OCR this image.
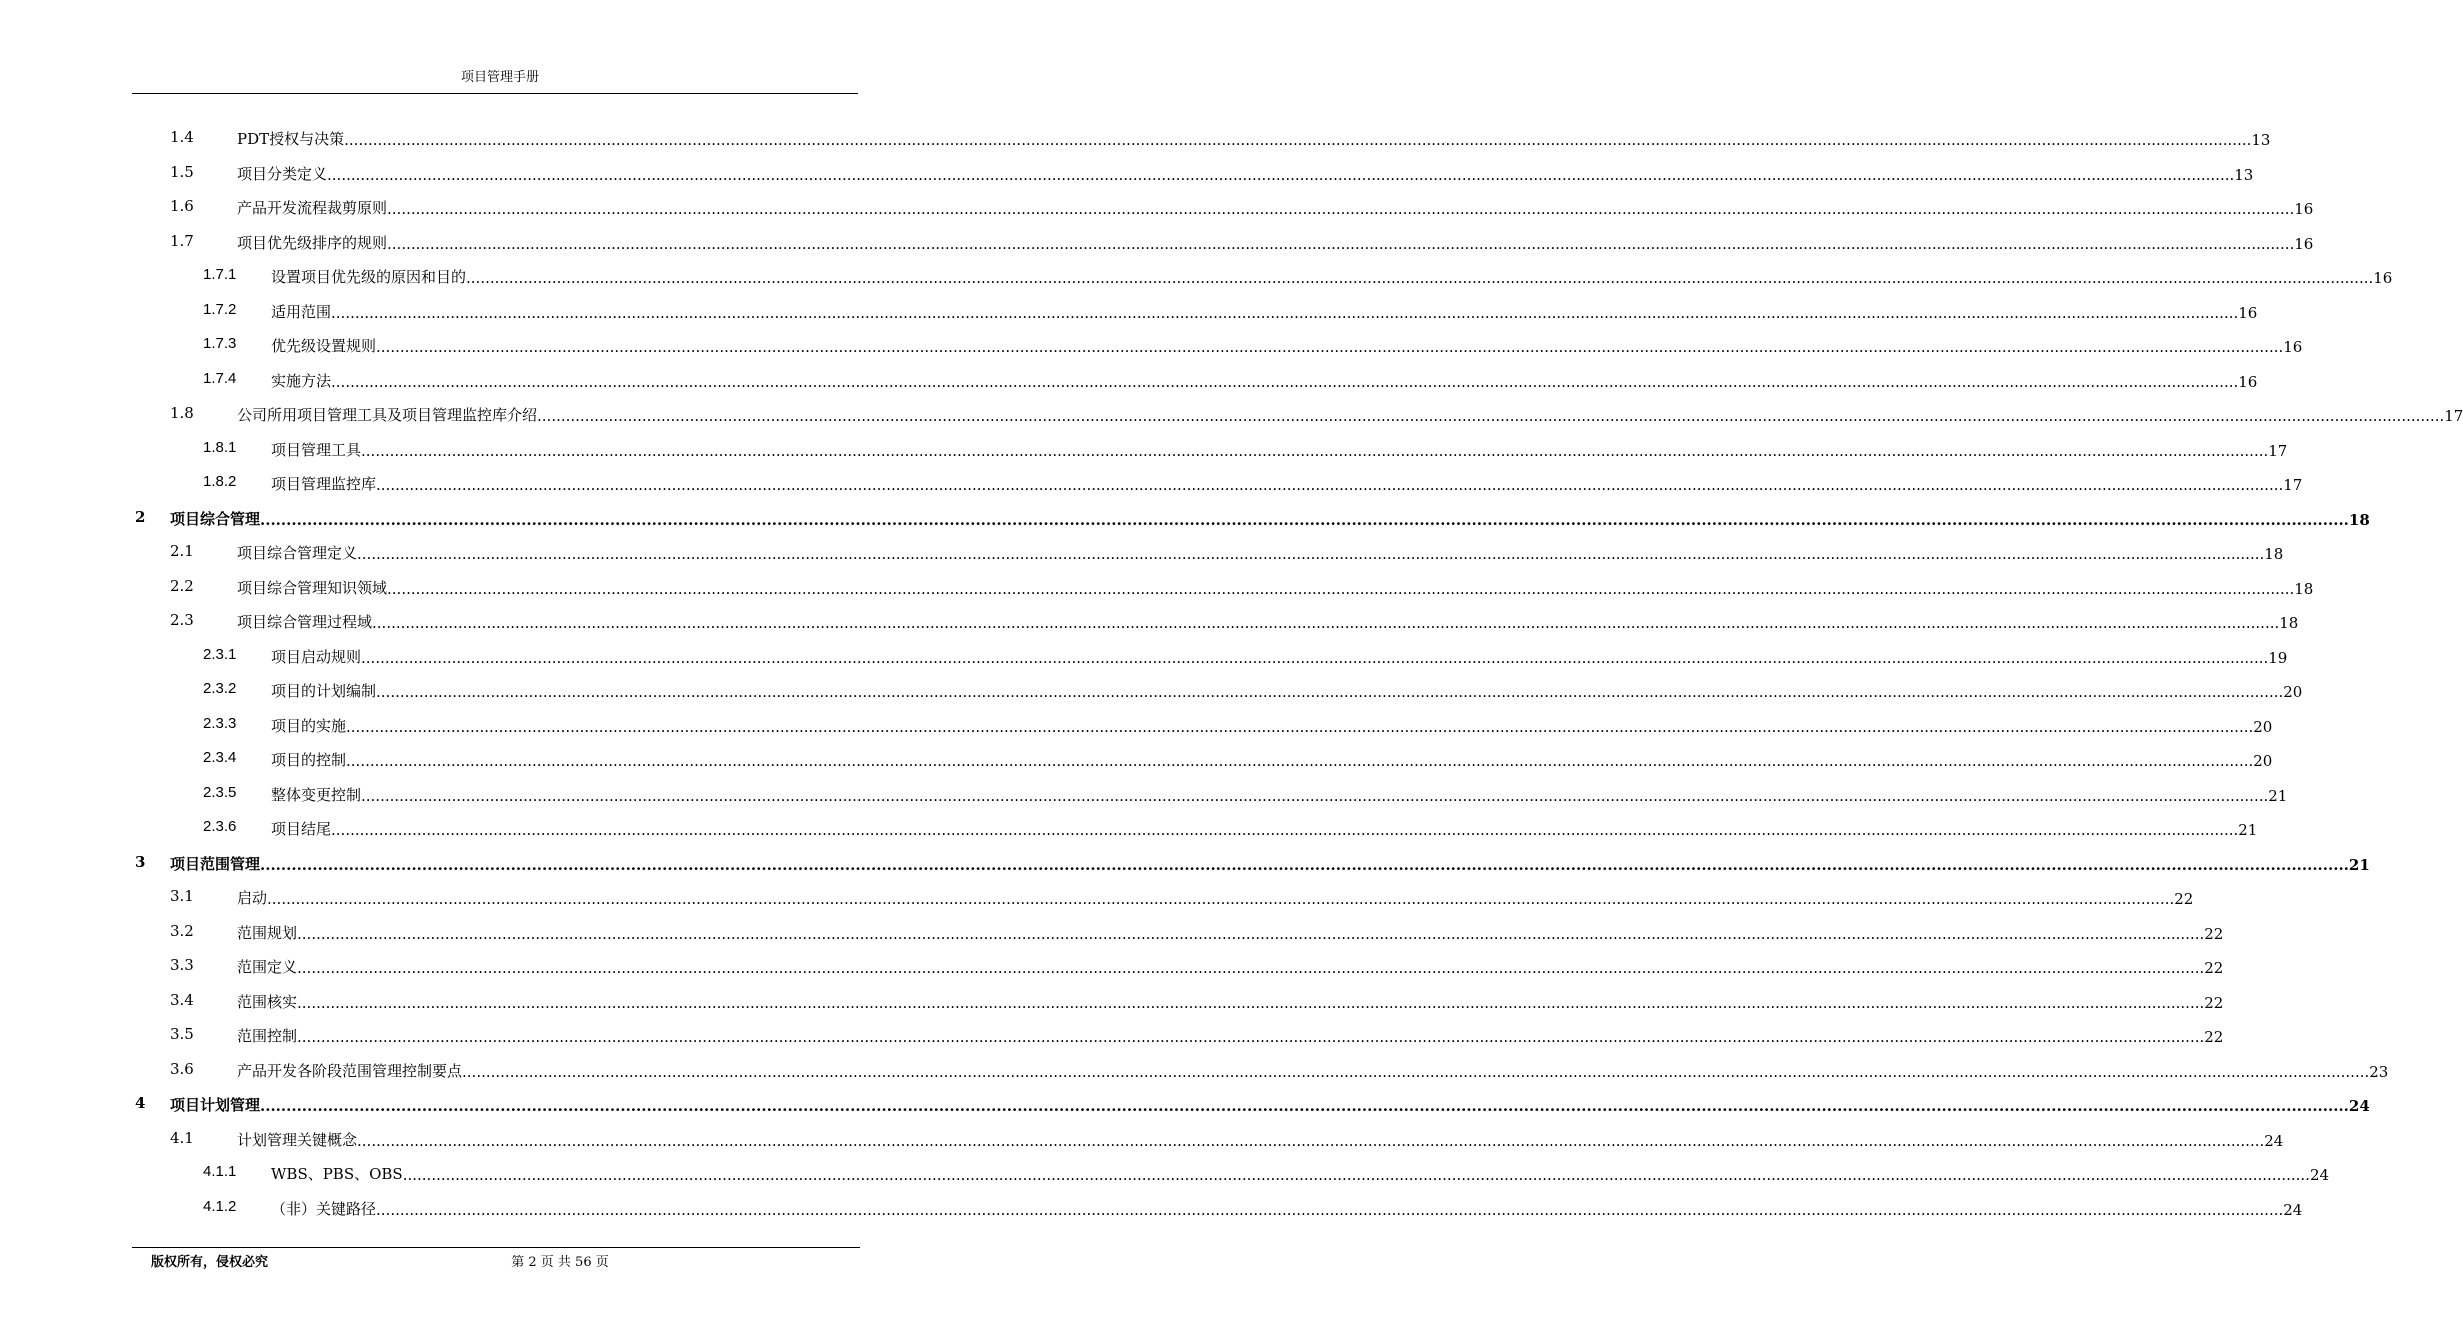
项目管理手册
1.4	PDT授权与决策 ................................................................................................................................................................................................................................................................................................................................................................................................................ 13
1.5	项目分类定义 ................................................................................................................................................................................................................................................................................................................................................................................................................ 13
1.6	产品开发流程裁剪原则 ................................................................................................................................................................................................................................................................................................................................................................................................................ 16
1.7	项目优先级排序的规则 ................................................................................................................................................................................................................................................................................................................................................................................................................ 16
1.7.1 设置项目优先级的原因和目的 ................................................................................................................................................................................................................................................................................................................................................................................................................ 16
1.7.2 适用范围 ................................................................................................................................................................................................................................................................................................................................................................................................................ 16
1.7.3 优先级设置规则 ................................................................................................................................................................................................................................................................................................................................................................................................................ 16
1.7.4 实施方法 ................................................................................................................................................................................................................................................................................................................................................................................................................ 16
1.8	公司所用项目管理工具及项目管理监控库介绍 ................................................................................................................................................................................................................................................................................................................................................................................................................ 17
1.8.1 项目管理工具 ................................................................................................................................................................................................................................................................................................................................................................................................................ 17
1.8.2 项目管理监控库 ................................................................................................................................................................................................................................................................................................................................................................................................................ 17
2 项目综合管理 ................................................................................................................................................................................................................................................................................................................................................................................................................ 18
2.1	项目综合管理定义 ................................................................................................................................................................................................................................................................................................................................................................................................................ 18
2.2	项目综合管理知识领域 ................................................................................................................................................................................................................................................................................................................................................................................................................ 18
2.3	项目综合管理过程域 ................................................................................................................................................................................................................................................................................................................................................................................................................ 18
2.3.1 项目启动规则 ................................................................................................................................................................................................................................................................................................................................................................................................................ 19
2.3.2 项目的计划编制 ................................................................................................................................................................................................................................................................................................................................................................................................................ 20
2.3.3 项目的实施 ................................................................................................................................................................................................................................................................................................................................................................................................................ 20
2.3.4 项目的控制 ................................................................................................................................................................................................................................................................................................................................................................................................................ 20
2.3.5 整体变更控制 ................................................................................................................................................................................................................................................................................................................................................................................................................ 21
2.3.6 项目结尾 ................................................................................................................................................................................................................................................................................................................................................................................................................ 21
3 项目范围管理 ................................................................................................................................................................................................................................................................................................................................................................................................................ 21
3.1	启动 ................................................................................................................................................................................................................................................................................................................................................................................................................ 22
3.2	范围规划 ................................................................................................................................................................................................................................................................................................................................................................................................................ 22
3.3	范围定义 ................................................................................................................................................................................................................................................................................................................................................................................................................ 22
3.4	范围核实 ................................................................................................................................................................................................................................................................................................................................................................................................................ 22
3.5	范围控制 ................................................................................................................................................................................................................................................................................................................................................................................................................ 22
3.6	产品开发各阶段范围管理控制要点 ................................................................................................................................................................................................................................................................................................................................................................................................................ 23
4 项目计划管理 ................................................................................................................................................................................................................................................................................................................................................................................................................ 24
4.1	计划管理关键概念 ................................................................................................................................................................................................................................................................................................................................................................................................................ 24
4.1.1 WBS、PBS、OBS ................................................................................................................................................................................................................................................................................................................................................................................................................ 24
4.1.2 （非）关键路径 ................................................................................................................................................................................................................................................................................................................................................................................................................ 24
版权所有，侵权必究	第 2 页 共 56 页
